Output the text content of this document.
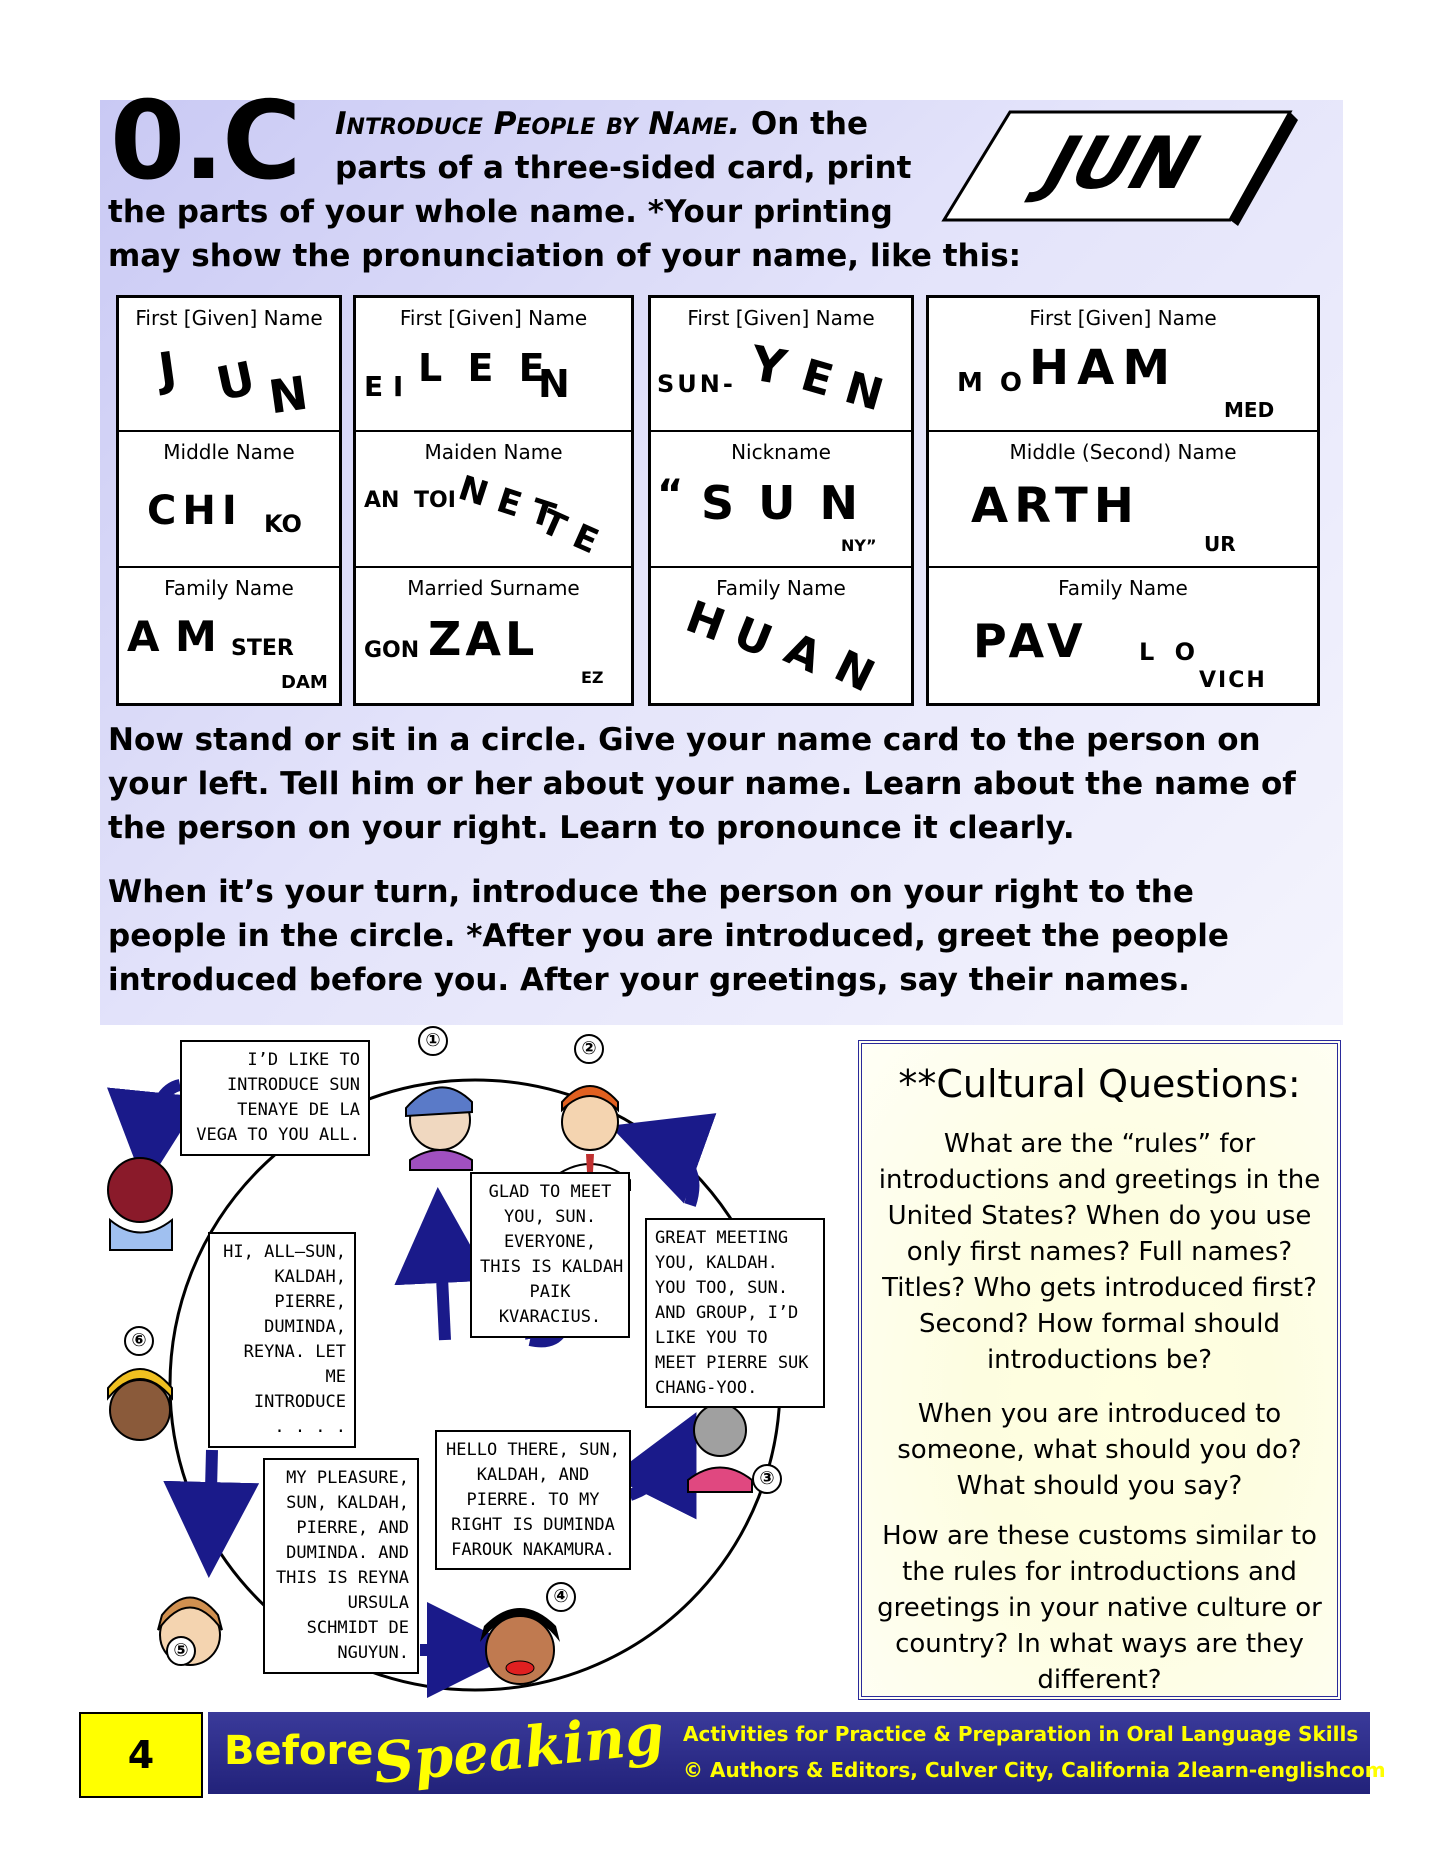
0.C Introduce People by Name. On the
parts of a three-sided card, print
the parts of your whole name. *Your printing
may show the pronunciation of your name, like this:
JUN
First [Given] Name
J U N
Middle Name
CHI KO
Family Name
A M STER
DAM
First [Given] Name
E I L E E
N
Maiden Name
AN TOI
N E T
T E
Married Surname
GON ZAL
EZ
First [Given] Name
SUN- Y E N
Nickname
“ S U N
NY”
Family Name
H
U
A
N
First [Given] Name
M O HAM
MED
Middle (Second) Name
ARTH
UR
Family Name
PAV L O
VICH
Now stand or sit in a circle. Give your name card to the person on
your left. Tell him or her about your name. Learn about the name of
the person on your right. Learn to pronounce it clearly.
When it’s your turn, introduce the person on your right to the
people in the circle. *After you are introduced, greet the people
introduced before you. After your greetings, say their names.
①	②
③
④
⑤
⑥
I’D LIKE TO
INTRODUCE SUN
TENAYE DE LA
VEGA TO YOU ALL.
GLAD TO MEET
YOU, SUN.
EVERYONE,
THIS IS KALDAH
PAIK
KVARACIUS.
GREAT MEETING
YOU, KALDAH.
YOU TOO, SUN.
AND GROUP, I’D
LIKE YOU TO
MEET PIERRE SUK
CHANG-YOO.
HI, ALL—SUN,
KALDAH,
PIERRE,
DUMINDA,
REYNA. LET
ME
INTRODUCE
. . . .
HELLO THERE, SUN,
KALDAH, AND
PIERRE. TO MY
RIGHT IS DUMINDA
FAROUK NAKAMURA.
MY PLEASURE,
SUN, KALDAH,
PIERRE, AND
DUMINDA. AND
THIS IS REYNA
URSULA
SCHMIDT DE
NGUYUN.
**Cultural Questions:
What are the “rules” for introductions and greetings in the United States? When do you use only first names? Full names? Titles? Who gets introduced first? Second? How formal should introductions be?
When you are introduced to someone, what should you do? What should you say?
How are these customs similar to the rules for introductions and greetings in your native culture or country? In what ways are they different?
4	Before
Speaking Activities for Practice & Preparation in Oral Language Skills
© Authors & Editors, Culver City, California 2learn-englishcom
